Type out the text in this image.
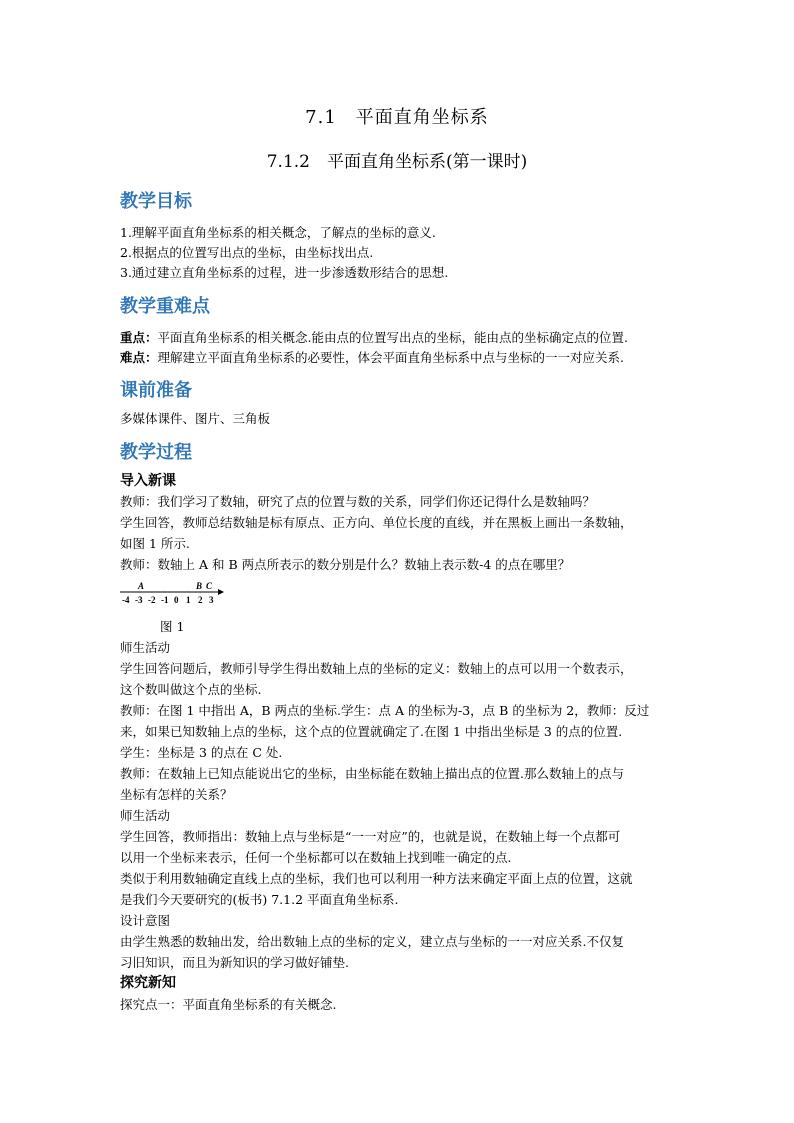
7.1　平面直角坐标系
7.1.2　平面直角坐标系(第一课时)
教学目标
1.理解平面直角坐标系的相关概念，了解点的坐标的意义.
2.根据点的位置写出点的坐标，由坐标找出点.
3.通过建立直角坐标系的过程，进一步渗透数形结合的思想.
教学重难点
重点：平面直角坐标系的相关概念.能由点的位置写出点的坐标，能由点的坐标确定点的位置.
难点：理解建立平面直角坐标系的必要性，体会平面直角坐标系中点与坐标的一一对应关系.
课前准备
多媒体课件、图片、三角板
教学过程
导入新课
教师：我们学习了数轴，研究了点的位置与数的关系，同学们你还记得什么是数轴吗？
学生回答，教师总结数轴是标有原点、正方向、单位长度的直线，并在黑板上画出一条数轴，
如图 1 所示.
教师：数轴上 A 和 B 两点所表示的数分别是什么？数轴上表示数-4 的点在哪里？
A	B C
-4 -3 -2 -1 0 1 2 3
图 1
师生活动
学生回答问题后，教师引导学生得出数轴上点的坐标的定义：数轴上的点可以用一个数表示，
这个数叫做这个点的坐标.
教师：在图 1 中指出 A，B 两点的坐标.学生：点 A 的坐标为-3，点 B 的坐标为 2，教师：反过
来，如果已知数轴上点的坐标，这个点的位置就确定了.在图 1 中指出坐标是 3 的点的位置.
学生：坐标是 3 的点在 C 处.
教师：在数轴上已知点能说出它的坐标，由坐标能在数轴上描出点的位置.那么数轴上的点与
坐标有怎样的关系？
师生活动
学生回答，教师指出：数轴上点与坐标是“一一对应”的，也就是说，在数轴上每一个点都可
以用一个坐标来表示，任何一个坐标都可以在数轴上找到唯一确定的点.
类似于利用数轴确定直线上点的坐标，我们也可以利用一种方法来确定平面上点的位置，这就
是我们今天要研究的(板书) 7.1.2 平面直角坐标系.
设计意图
由学生熟悉的数轴出发，给出数轴上点的坐标的定义，建立点与坐标的一一对应关系.不仅复
习旧知识，而且为新知识的学习做好铺垫.
探究新知
探究点一：平面直角坐标系的有关概念.
